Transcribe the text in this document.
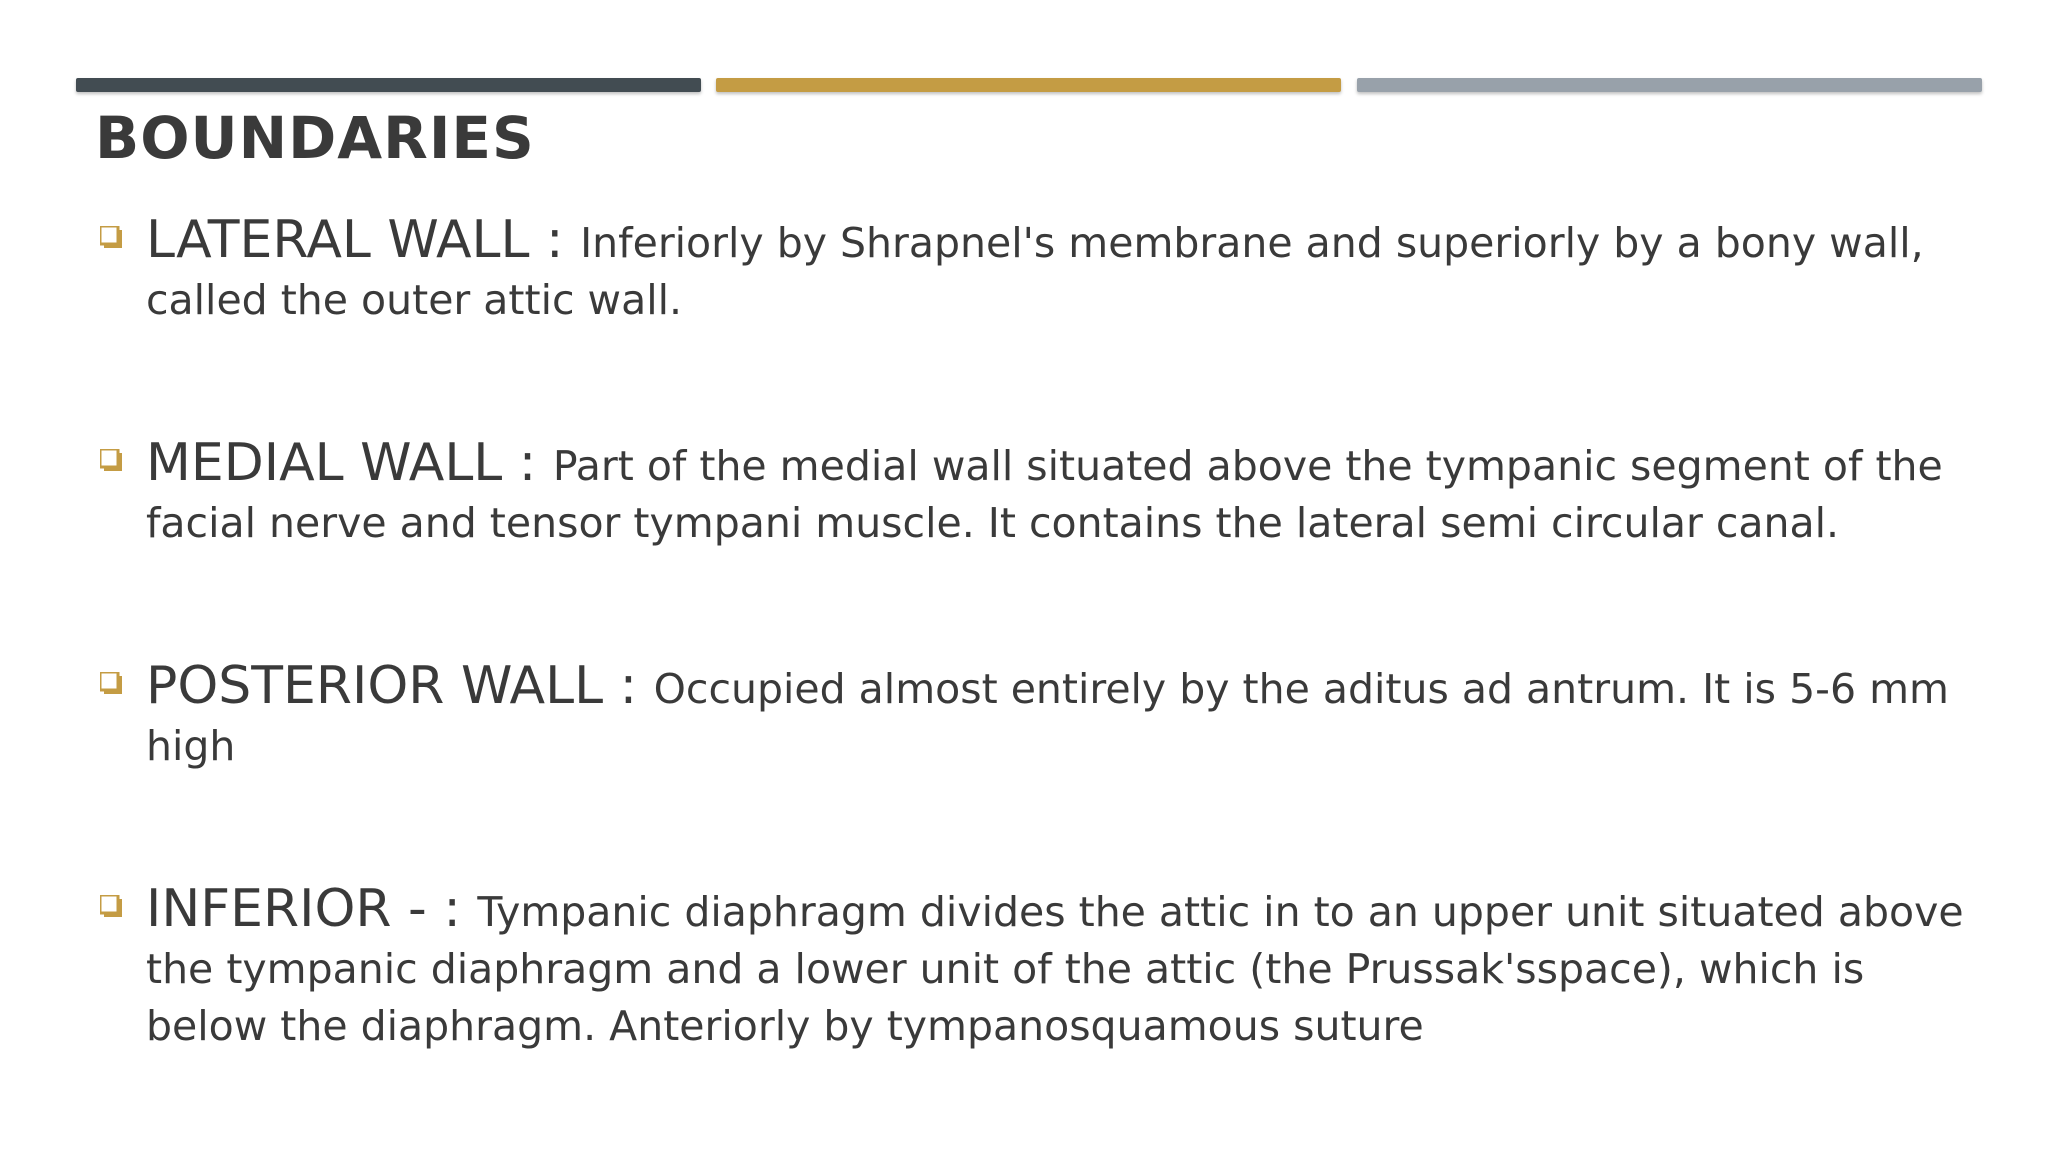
BOUNDARIES
LATERAL WALL : Inferiorly by Shrapnel's membrane and superiorly by a bony wall, called the outer attic wall.
MEDIAL WALL : Part of the medial wall situated above the tympanic segment of the facial nerve and tensor tympani muscle. It contains the lateral semi circular canal.
POSTERIOR WALL : Occupied almost entirely by the aditus ad antrum. It is 5-6 mm high
INFERIOR - : Tympanic diaphragm divides the attic in to an upper unit situated above the tympanic diaphragm and a lower unit of the attic (the Prussak'sspace), which is below the diaphragm. Anteriorly by tympanosquamous suture
